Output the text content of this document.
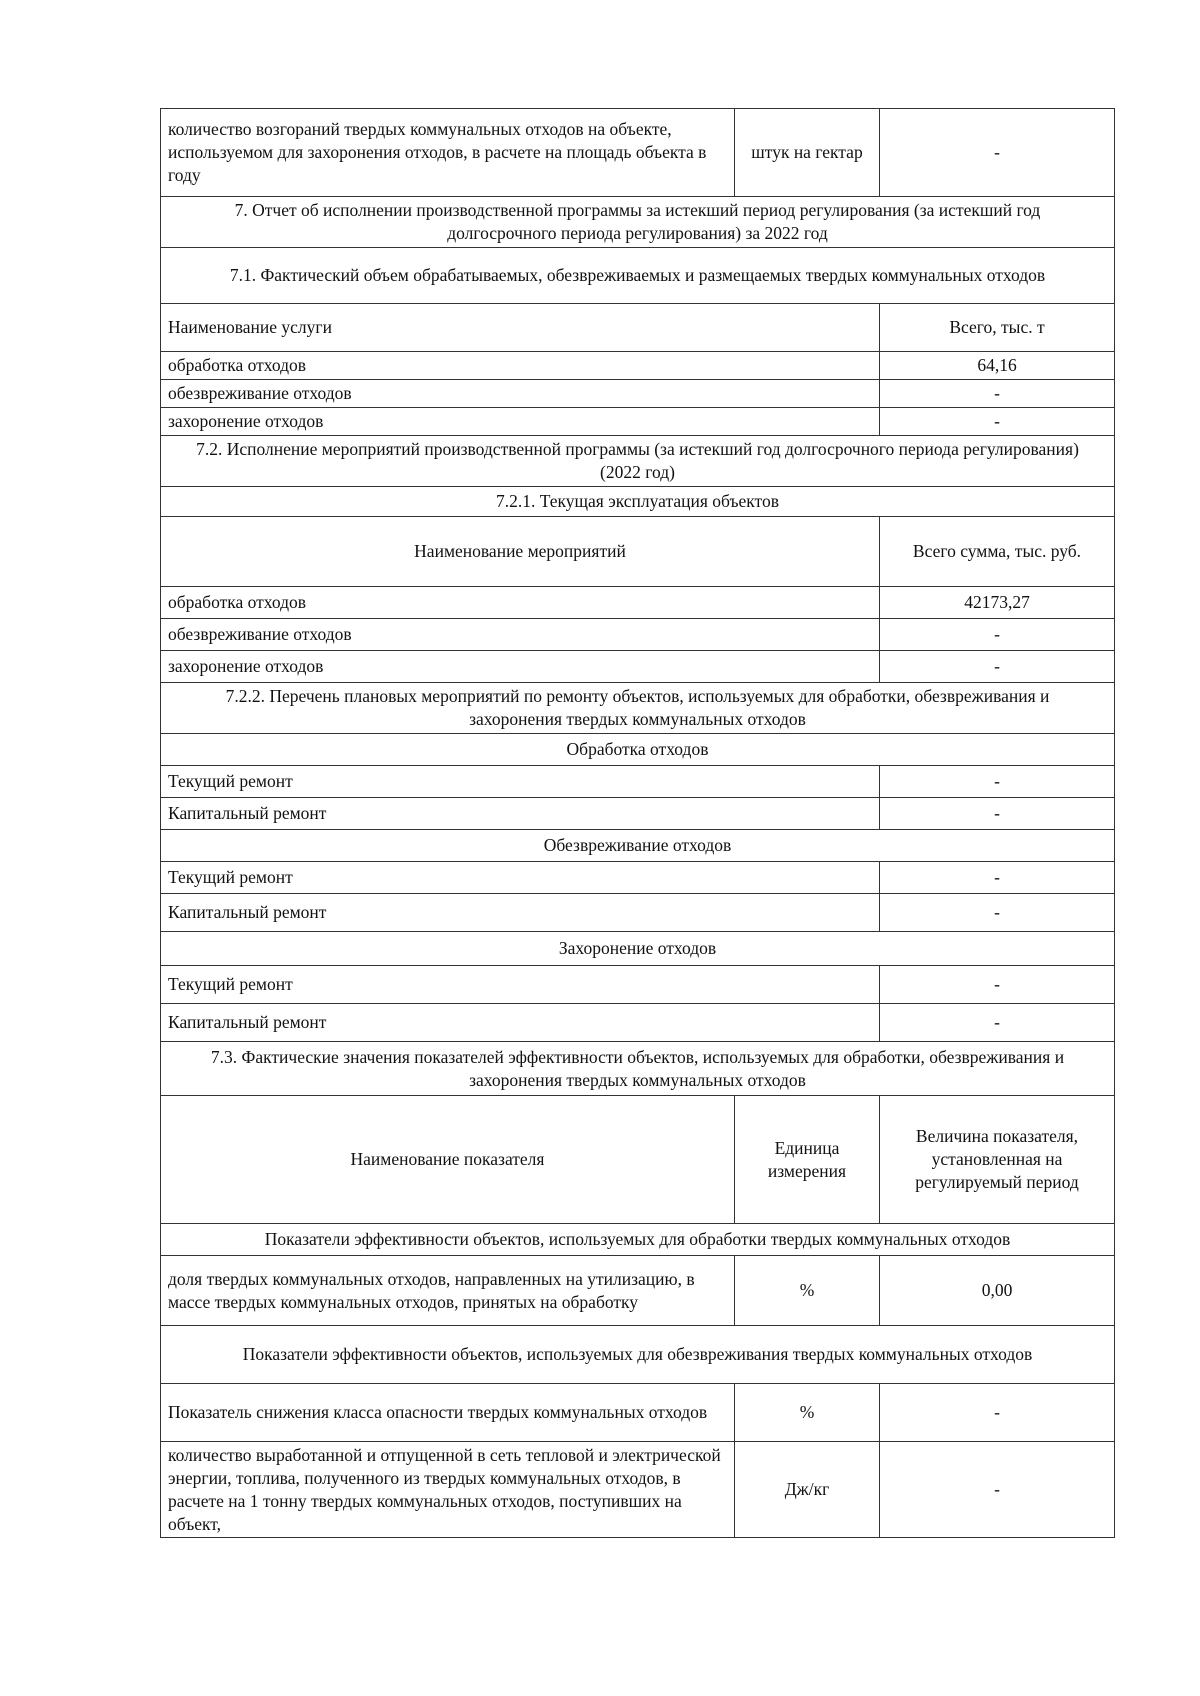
количество возгораний твердых коммунальных отходов на объекте, используемом для захоронения отходов, в расчете на площадь объекта в году	штук на гектар	-
7. Отчет об исполнении производственной программы за истекший период регулирования (за истекший год долгосрочного периода регулирования) за 2022 год		
7.1. Фактический объем обрабатываемых, обезвреживаемых и размещаемых твердых коммунальных отходов		
Наименование услуги		Всего, тыс. т
обработка отходов		64,16
обезвреживание отходов		-
захоронение отходов		-
7.2. Исполнение мероприятий производственной программы (за истекший год долгосрочного периода регулирования) (2022 год)		
7.2.1. Текущая эксплуатация объектов		
Наименование мероприятий		Всего сумма, тыс. руб.
обработка отходов		42173,27
обезвреживание отходов		-
захоронение отходов		-
7.2.2. Перечень плановых мероприятий по ремонту объектов, используемых для обработки, обезвреживания и захоронения твердых коммунальных отходов		
Обработка отходов		
Текущий ремонт		-
Капитальный ремонт		-
Обезвреживание отходов		
Текущий ремонт		-
Капитальный ремонт		-
Захоронение отходов		
Текущий ремонт		-
Капитальный ремонт		-
7.3. Фактические значения показателей эффективности объектов, используемых для обработки, обезвреживания и захоронения твердых коммунальных отходов		
Наименование показателя	Единица измерения	Величина показателя, установленная на регулируемый период
Показатели эффективности объектов, используемых для обработки твердых коммунальных отходов		
доля твердых коммунальных отходов, направленных на утилизацию, в массе твердых коммунальных отходов, принятых на обработку	%	0,00
Показатели эффективности объектов, используемых для обезвреживания твердых коммунальных отходов		
Показатель снижения класса опасности твердых коммунальных отходов	%	-
количество выработанной и отпущенной в сеть тепловой и электрической энергии, топлива, полученного из твердых коммунальных отходов, в расчете на 1 тонну твердых коммунальных отходов, поступивших на объект,	Дж/кг	-
